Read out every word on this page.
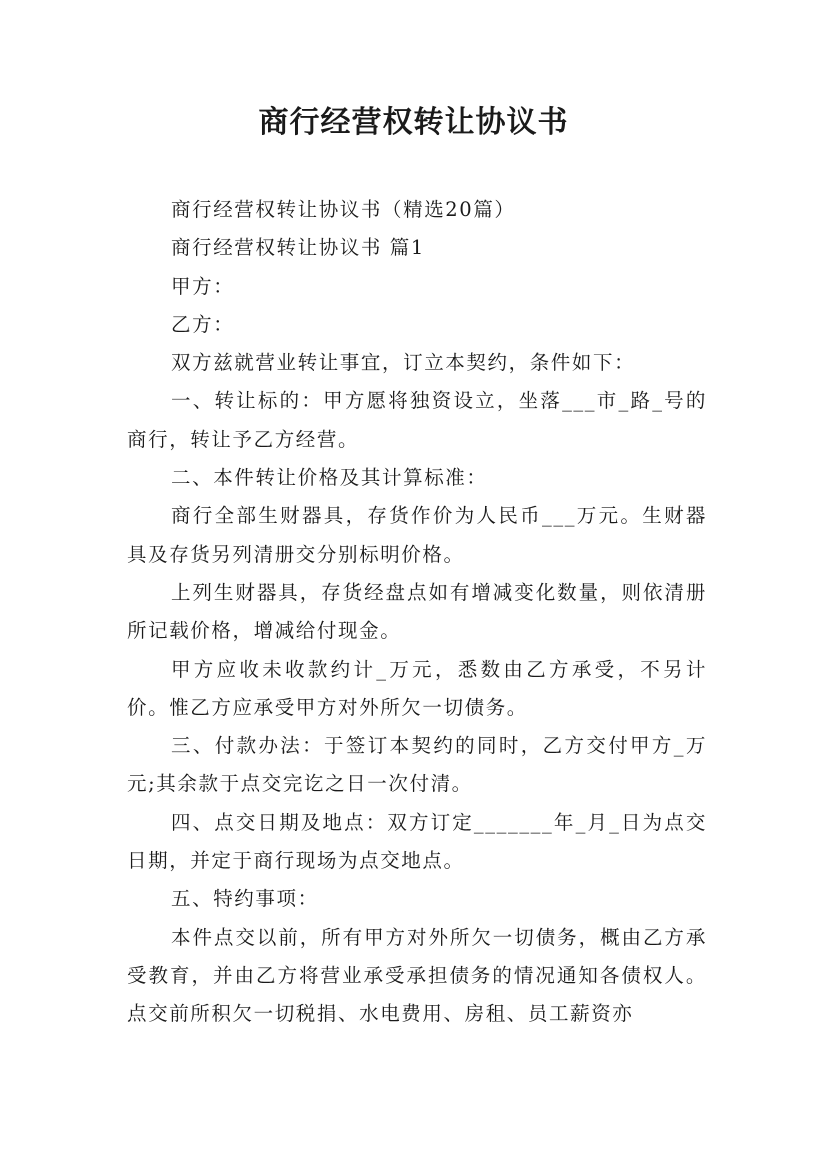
商行经营权转让协议书

商行经营权转让协议书（精选20篇）

商行经营权转让协议书 篇1

甲方：

乙方：

双方兹就营业转让事宜，订立本契约，条件如下：

一、转让标的：甲方愿将独资设立，坐落___市_路_号的商行，转让予乙方经营。

二、本件转让价格及其计算标准：

商行全部生财器具，存货作价为人民币___万元。生财器具及存货另列清册交分别标明价格。

上列生财器具，存货经盘点如有增减变化数量，则依清册所记载价格，增减给付现金。

甲方应收未收款约计_万元，悉数由乙方承受，不另计价。惟乙方应承受甲方对外所欠一切债务。

三、付款办法：于签订本契约的同时，乙方交付甲方_万元;其余款于点交完讫之日一次付清。

四、点交日期及地点：双方订定_______年_月_日为点交日期，并定于商行现场为点交地点。

五、特约事项：

本件点交以前，所有甲方对外所欠一切债务，概由乙方承受教育，并由乙方将营业承受承担债务的情况通知各债权人。点交前所积欠一切税捐、水电费用、房租、员工薪资亦
